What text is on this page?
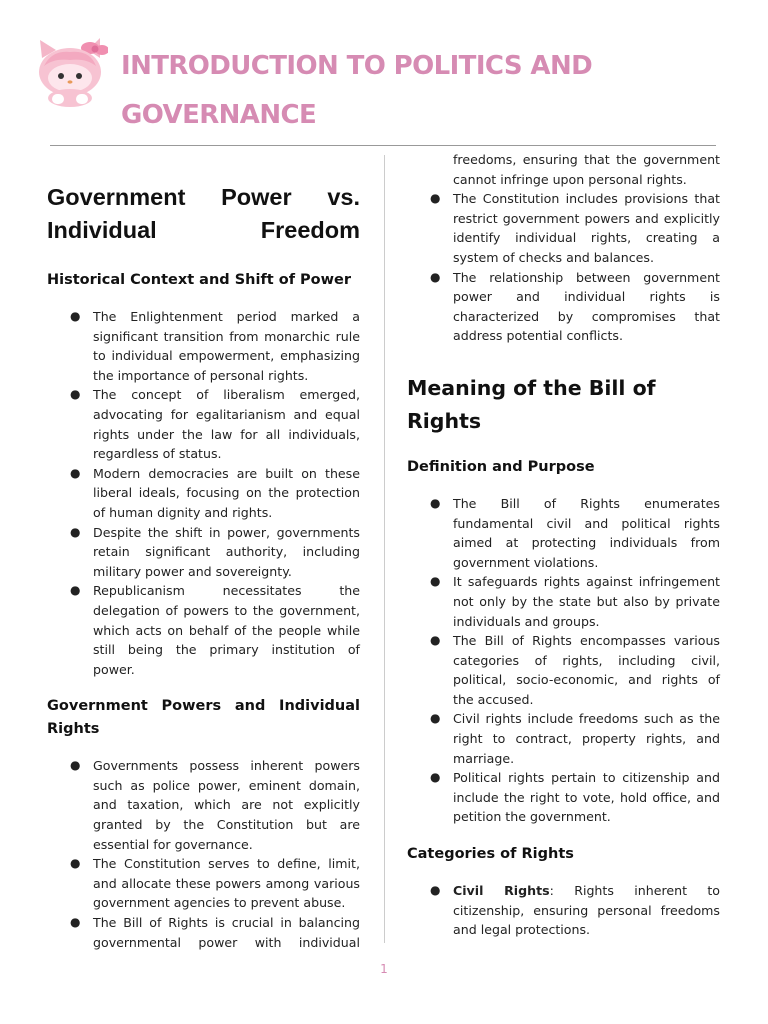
INTRODUCTION TO POLITICS AND GOVERNANCE
Government Power vs. Individual Freedom
Historical Context and Shift of Power
● The Enlightenment period marked a significant transition from monarchic rule to individual empowerment, emphasizing the importance of personal rights.
● The concept of liberalism emerged, advocating for egalitarianism and equal rights under the law for all individuals, regardless of status.
● Modern democracies are built on these liberal ideals, focusing on the protection of human dignity and rights.
● Despite the shift in power, governments retain significant authority, including military power and sovereignty.
● Republicanism necessitates the delegation of powers to the government, which acts on behalf of the people while still being the primary institution of power.
Government Powers and Individual Rights
● Governments possess inherent powers such as police power, eminent domain, and taxation, which are not explicitly granted by the Constitution but are essential for governance.
● The Constitution serves to define, limit, and allocate these powers among various government agencies to prevent abuse.
● The Bill of Rights is crucial in balancing governmental power with individual
freedoms, ensuring that the government cannot infringe upon personal rights.
● The Constitution includes provisions that restrict government powers and explicitly identify individual rights, creating a system of checks and balances.
● The relationship between government power and individual rights is characterized by compromises that address potential conflicts.
Meaning of the Bill of Rights
Definition and Purpose
● The Bill of Rights enumerates fundamental civil and political rights aimed at protecting individuals from government violations.
● It safeguards rights against infringement not only by the state but also by private individuals and groups.
● The Bill of Rights encompasses various categories of rights, including civil, political, socio-economic, and rights of the accused.
● Civil rights include freedoms such as the right to contract, property rights, and marriage.
● Political rights pertain to citizenship and include the right to vote, hold office, and petition the government.
Categories of Rights
● Civil Rights: Rights inherent to citizenship, ensuring personal freedoms and legal protections.
1
